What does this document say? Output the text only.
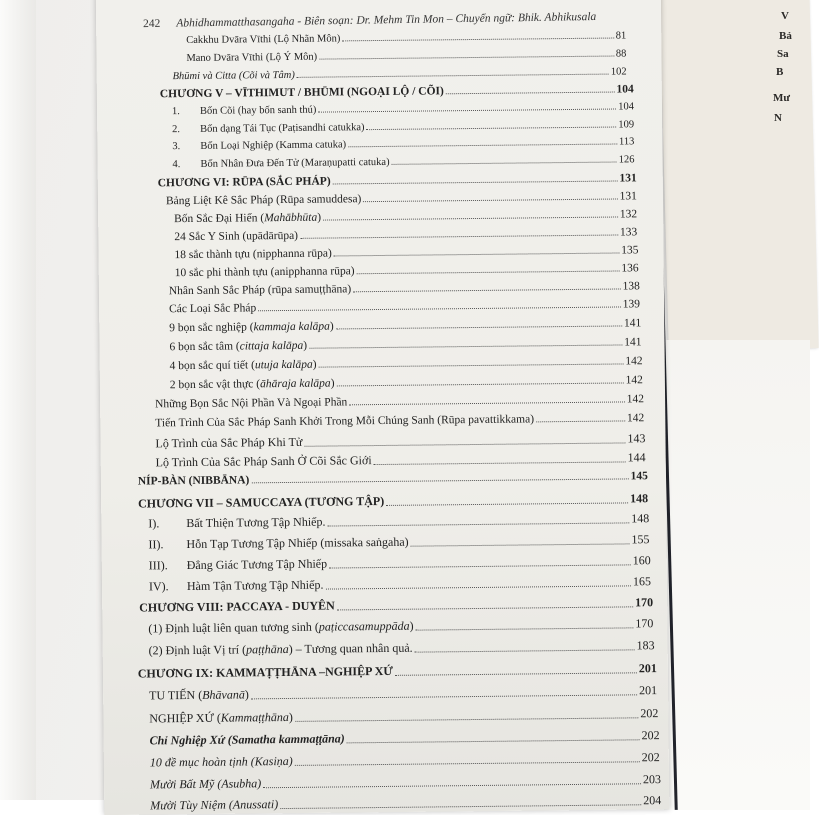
V
Bả
Sa
B
Mư
N
242 Abhidhammatthasangaha - Biên soạn: Dr. Mehm Tin Mon – Chuyển ngữ: Bhik. Abhikusala
Cakkhu Dvāra Vīthi (Lộ Nhãn Môn)	81
Mano Dvāra Vīthi (Lộ Ý Môn)	88
Bhūmi và Citta (Cõi và Tâm)	102
CHƯƠNG V – VĪTHIMUT / BHŪMI (NGOẠI LỘ / CÕI)	104
1. Bốn Cõi (hay bốn sanh thú)	104
2. Bốn dạng Tái Tục (Paṭisandhi catukka)	109
3. Bốn Loại Nghiệp (Kamma catuka)	113
4. Bốn Nhân Đưa Đến Tử (Maraṇupatti catuka)	126
CHƯƠNG VI: RŪPA (SẮC PHÁP)	131
Bảng Liệt Kê Sắc Pháp (Rūpa samuddesa)	131
Bốn Sắc Đại Hiển (Mahābhūta)	132
24 Sắc Y Sinh (upādārūpa)	133
18 sắc thành tựu (nipphanna rūpa)	135
10 sắc phi thành tựu (anipphanna rūpa)	136
Nhân Sanh Sắc Pháp (rūpa samuṭṭhāna)	138
Các Loại Sắc Pháp	139
9 bọn sắc nghiệp (kammaja kalāpa)	141
6 bọn sắc tâm (cittaja kalāpa)	141
4 bọn sắc quí tiết (utuja kalāpa)	142
2 bọn sắc vật thực (āhāraja kalāpa)	142
Những Bọn Sắc Nội Phần Và Ngoại Phần	142
Tiến Trình Của Sắc Pháp Sanh Khởi Trong Mỗi Chúng Sanh (Rūpa pavattikkama)	142
Lộ Trình của Sắc Pháp Khi Tử	143
Lộ Trình Của Sắc Pháp Sanh Ở Cõi Sắc Giới	144
NÍP-BÀN (NIBBĀNA)	145
CHƯƠNG VII – SAMUCCAYA (TƯƠNG TẬP)	148
I). Bất Thiện Tương Tập Nhiếp.	148
II). Hỗn Tạp Tương Tập Nhiếp (missaka saṅgaha)	155
III). Đẳng Giác Tương Tập Nhiếp	160
IV). Hàm Tận Tương Tập Nhiếp.	165
CHƯƠNG VIII: PACCAYA - DUYÊN	170
(1) Định luật liên quan tương sinh (paṭiccasamuppāda)	170
(2) Định luật Vị trí (paṭṭhāna) – Tương quan nhân quả.	183
CHƯƠNG IX: KAMMAṬṬHĀNA –NGHIỆP XỨ	201
TU TIẾN (Bhāvanā)	201
NGHIỆP XỨ (Kammaṭṭhāna)	202
Chỉ Nghiệp Xứ (Samatha kammaṭṭāna)	202
10 đề mục hoàn tịnh (Kasiṇa)	202
Mười Bất Mỹ (Asubha)	203
Mười Tùy Niệm (Anussati)	204
